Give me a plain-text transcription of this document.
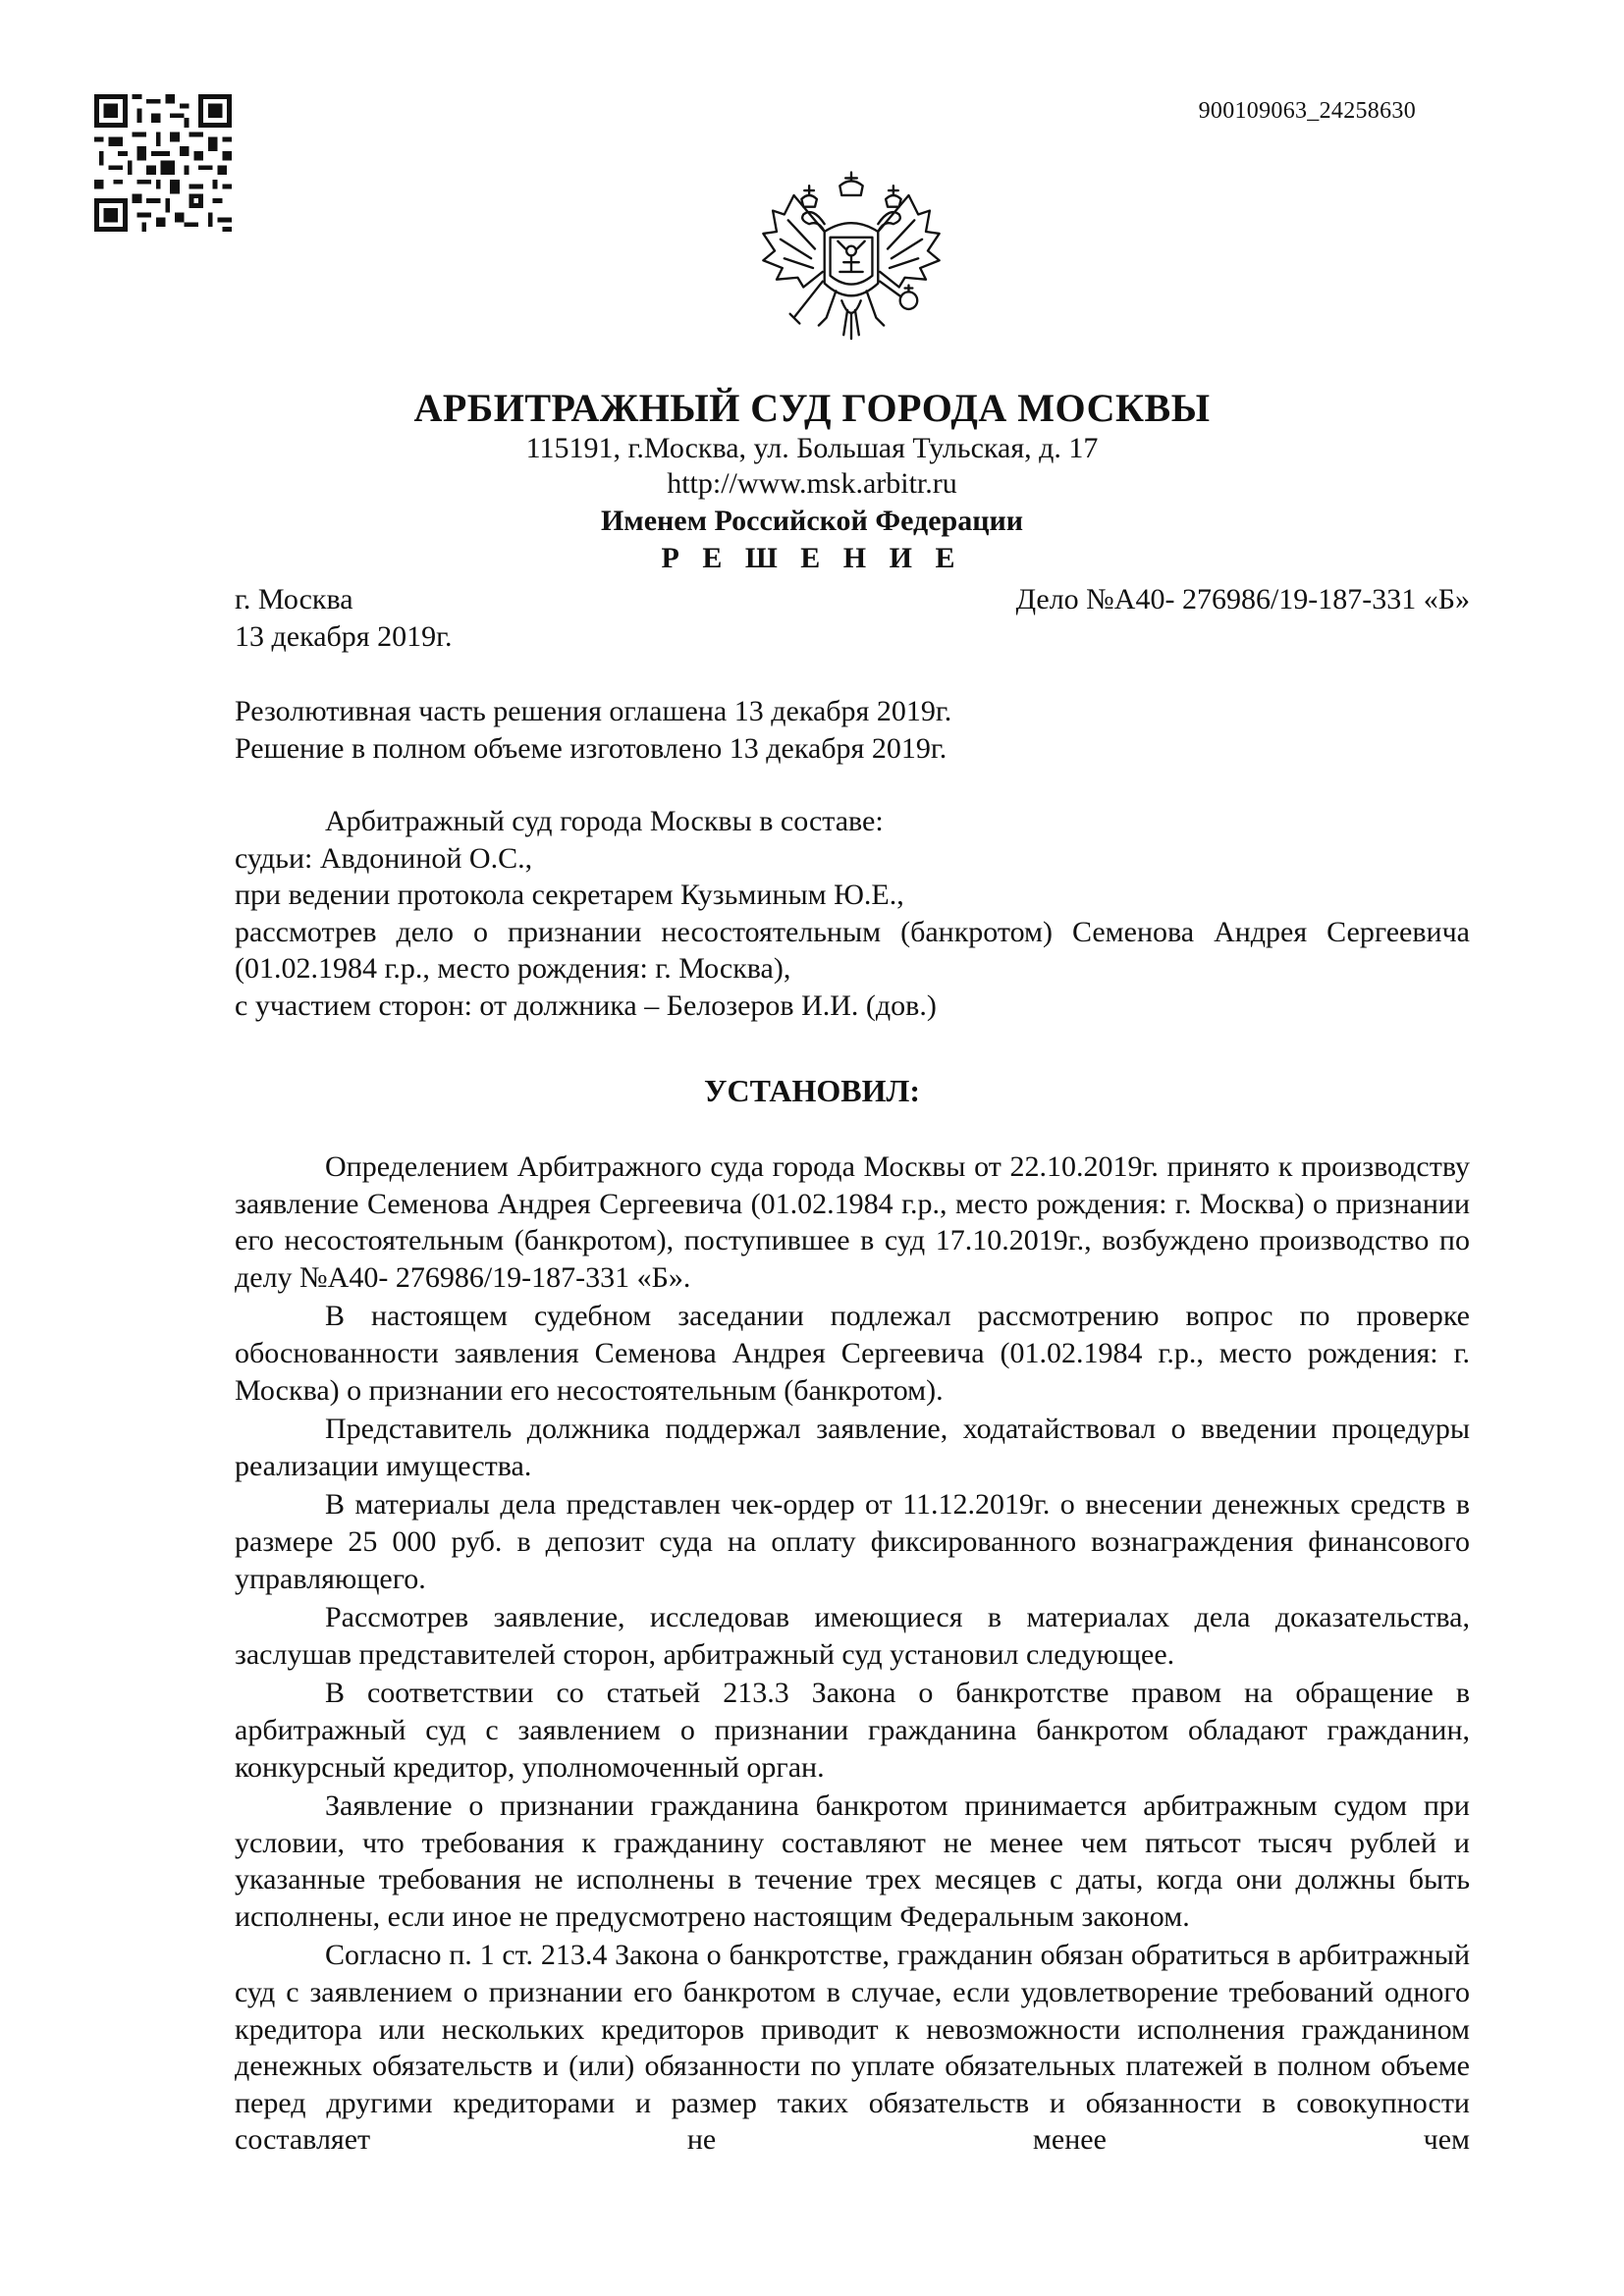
900109063_24258630
АРБИТРАЖНЫЙ СУД ГОРОДА МОСКВЫ
115191, г.Москва, ул. Большая Тульская, д. 17
http://www.msk.arbitr.ru
Именем Российской Федерации
Р Е Ш Е Н И Е
г. Москва	Дело №А40- 276986/19-187-331 «Б»
13 декабря 2019г.

Резолютивная часть решения оглашена 13 декабря 2019г.

Решение в полном объеме изготовлено 13 декабря 2019г.

Арбитражный суд города Москвы в составе:

судьи: Авдониной О.С.,

при ведении протокола секретарем Кузьминым Ю.Е.,

рассмотрев дело о признании несостоятельным (банкротом) Семенова Андрея Сергеевича (01.02.1984 г.р., место рождения: г. Москва),

с участием сторон: от должника – Белозеров И.И. (дов.)

УСТАНОВИЛ:

Определением Арбитражного суда города Москвы от 22.10.2019г. принято к производству заявление Семенова Андрея Сергеевича (01.02.1984 г.р., место рождения: г. Москва) о признании его несостоятельным (банкротом), поступившее в суд 17.10.2019г., возбуждено производство по делу №А40- 276986/19-187-331 «Б».

В настоящем судебном заседании подлежал рассмотрению вопрос по проверке обоснованности заявления Семенова Андрея Сергеевича (01.02.1984 г.р., место рождения: г. Москва) о признании его несостоятельным (банкротом).

Представитель должника поддержал заявление, ходатайствовал о введении процедуры реализации имущества.

В материалы дела представлен чек-ордер от 11.12.2019г. о внесении денежных средств в размере 25 000 руб. в депозит суда на оплату фиксированного вознаграждения финансового управляющего.

Рассмотрев заявление, исследовав имеющиеся в материалах дела доказательства, заслушав представителей сторон, арбитражный суд установил следующее.

В соответствии со статьей 213.3 Закона о банкротстве правом на обращение в арбитражный суд с заявлением о признании гражданина банкротом обладают гражданин, конкурсный кредитор, уполномоченный орган.

Заявление о признании гражданина банкротом принимается арбитражным судом при условии, что требования к гражданину составляют не менее чем пятьсот тысяч рублей и указанные требования не исполнены в течение трех месяцев с даты, когда они должны быть исполнены, если иное не предусмотрено настоящим Федеральным законом.

Согласно п. 1 ст. 213.4 Закона о банкротстве, гражданин обязан обратиться в арбитражный суд с заявлением о признании его банкротом в случае, если удовлетворение требований одного кредитора или нескольких кредиторов приводит к невозможности исполнения гражданином денежных обязательств и (или) обязанности по уплате обязательных платежей в полном объеме перед другими кредиторами и размер таких обязательств и обязанности в совокупности составляет не менее чем
